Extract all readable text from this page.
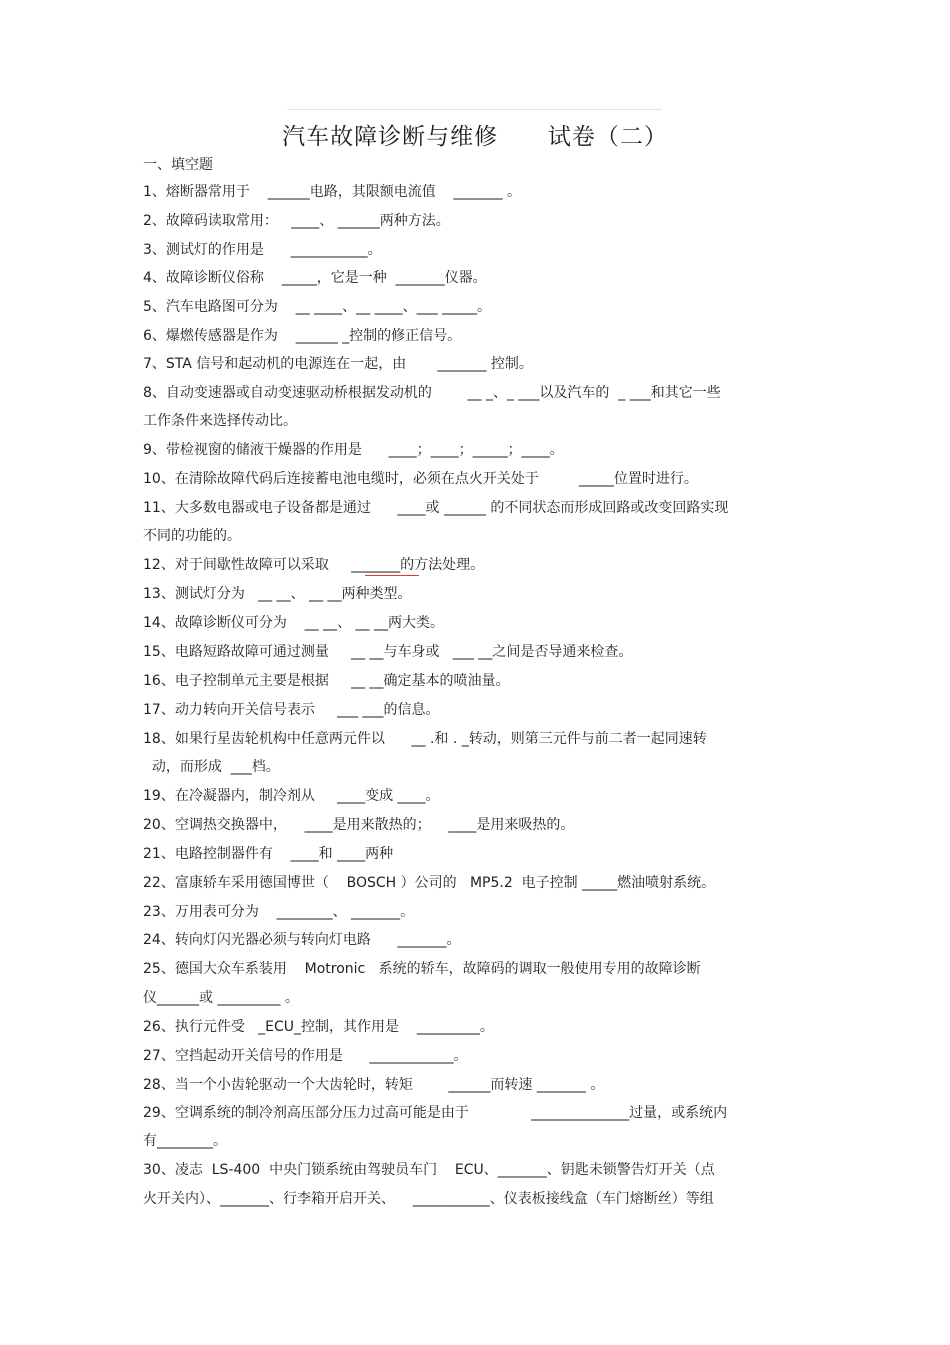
汽车故障诊断与维修      试卷（二）
一、填空题
1、熔断器常用于    ______电路，其限额电流值    _______ 。
2、故障码读取常用：   ____、 ______两种方法。
3、测试灯的作用是      ___________。
4、故障诊断仪俗称    _____，它是一种  _______仪器。
5、汽车电路图可分为    __ ____、__ ____、___ _____。
6、爆燃传感器是作为    ______ _控制的修正信号。
7、STA 信号和起动机的电源连在一起，由       _______ 控制。
8、自动变速器或自动变速驱动桥根据发动机的        __ _、_ ___以及汽车的  _ ___和其它一些
工作条件来选择传动比。
9、带检视窗的储液干燥器的作用是      ____；____；_____；____。
10、在清除故障代码后连接蓄电池电缆时，必须在点火开关处于         _____位置时进行。
11、大多数电器或电子设备都是通过      ____或 ______ 的不同状态而形成回路或改变回路实现
不同的功能的。
12、对于间歇性故障可以采取     _______的方法处理。
13、测试灯分为   __ __、 __ __两种类型。
14、故障诊断仪可分为    __ __、 __ __两大类。
15、电路短路故障可通过测量     __ __与车身或   ___ __之间是否导通来检查。
16、电子控制单元主要是根据     __ __确定基本的喷油量。
17、动力转向开关信号表示     ___ ___的信息。
18、如果行星齿轮机构中任意两元件以      __ .和 . _转动，则第三元件与前二者一起同速转
动，而形成  ___档。
19、在冷凝器内，制冷剂从     ____变成 ____。
20、空调热交换器中，    ____是用来散热的；    ____是用来吸热的。
21、电路控制器件有    ____和 ____两种
22、富康轿车采用德国博世（    BOSCH ）公司的   MP5.2  电子控制 _____燃油喷射系统。
23、万用表可分为    ________、 _______。
24、转向灯闪光器必须与转向灯电路      _______。
25、德国大众车系装用    Motronic   系统的轿车，故障码的调取一般使用专用的故障诊断
仪______或 _________ 。
26、执行元件受   _ECU_控制，其作用是    _________。
27、空挡起动开关信号的作用是      ____________。
28、当一个小齿轮驱动一个大齿轮时，转矩        ______而转速 _______ 。
29、空调系统的制冷剂高压部分压力过高可能是由于              ______________过量，或系统内
有________。
30、凌志  LS-400  中央门锁系统由驾驶员车门    ECU、_______、钥匙未锁警告灯开关（点
火开关内）、_______、行李箱开启开关、    ___________、仪表板接线盒（车门熔断丝）等组
